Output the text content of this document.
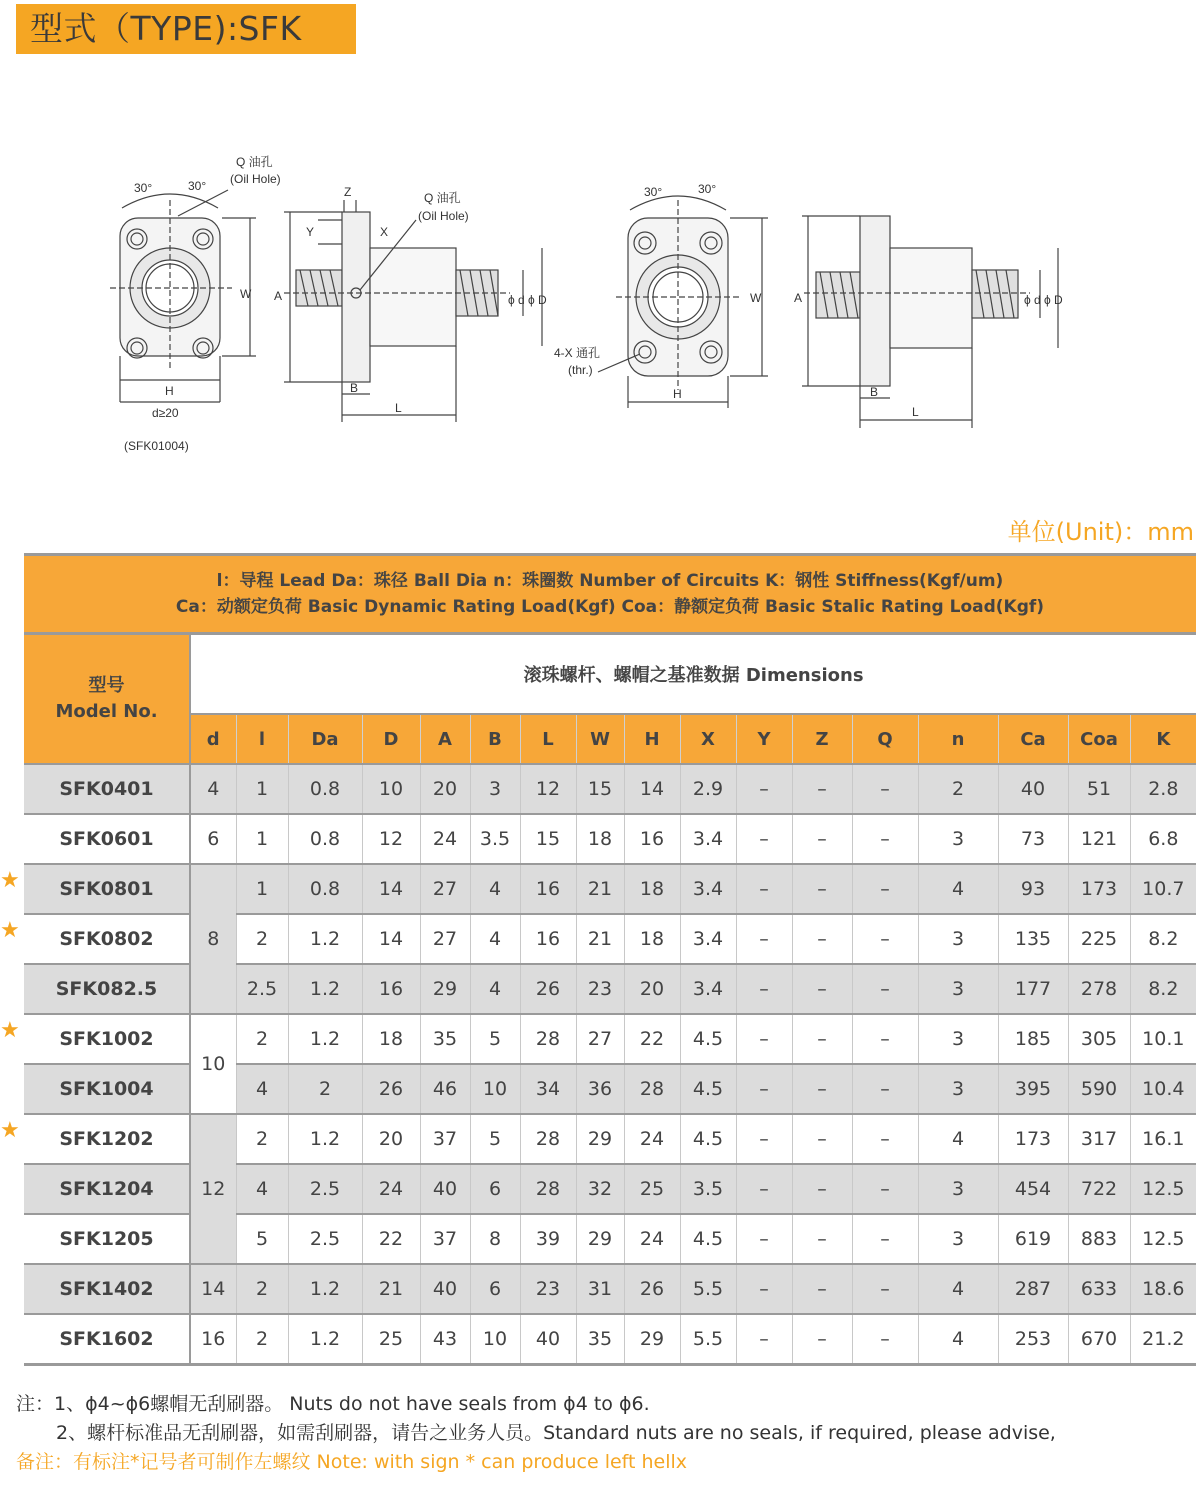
型式（TYPE):SFK
Q 油孔
(Oil Hole)
30°	30°
H
W
d≥20
(SFK01004)
Q 油孔
(Oil Hole)
Z
Y	X
A
B
L
ϕ d ϕ D
30°	30°
4-X 通孔
(thr.)
H
W	A
B
L
ϕ d ϕ D
单位(Unit)：mm
l：导程 Lead Da：珠径 Ball Dia n：珠圈数 Number of Circuits K：钢性 Stiffness(Kgf/um)
Ca：动额定负荷 Basic Dynamic Rating Load(Kgf) Coa：静额定负荷 Basic Stalic Rating Load(Kgf)
型号
Model No.	滚珠螺杆、螺帽之基准数据 Dimensions																
	d	l	Da	D	A	B	L	W	H	X	Y	Z	Q	n	Ca	Coa	K
SFK0401	4	1	0.8	10	20	3	12	15	14	2.9	–	–	–	2	40	51	2.8
SFK0601	6	1	0.8	12	24	3.5	15	18	16	3.4	–	–	–	3	73	121	6.8
SFK0801	8	1	0.8	14	27	4	16	21	18	3.4	–	–	–	4	93	173	10.7
SFK0802		2	1.2	14	27	4	16	21	18	3.4	–	–	–	3	135	225	8.2
SFK082.5		2.5	1.2	16	29	4	26	23	20	3.4	–	–	–	3	177	278	8.2
SFK1002	10	2	1.2	18	35	5	28	27	22	4.5	–	–	–	3	185	305	10.1
SFK1004		4	2	26	46	10	34	36	28	4.5	–	–	–	3	395	590	10.4
SFK1202	12	2	1.2	20	37	5	28	29	24	4.5	–	–	–	4	173	317	16.1
SFK1204		4	2.5	24	40	6	28	32	25	3.5	–	–	–	3	454	722	12.5
SFK1205		5	2.5	22	37	8	39	29	24	4.5	–	–	–	3	619	883	12.5
SFK1402	14	2	1.2	21	40	6	23	31	26	5.5	–	–	–	4	287	633	18.6
SFK1602	16	2	1.2	25	43	10	40	35	29	5.5	–	–	–	4	253	670	21.2
★
★
★
★
注：1、ϕ4~ϕ6螺帽无刮刷器。 Nuts do not have seals from ϕ4 to ϕ6.
2、螺杆标准品无刮刷器，如需刮刷器，请告之业务人员。Standard nuts are no seals, if required, please advise,
备注：有标注*记号者可制作左螺纹 Note: with sign * can produce left hellx
